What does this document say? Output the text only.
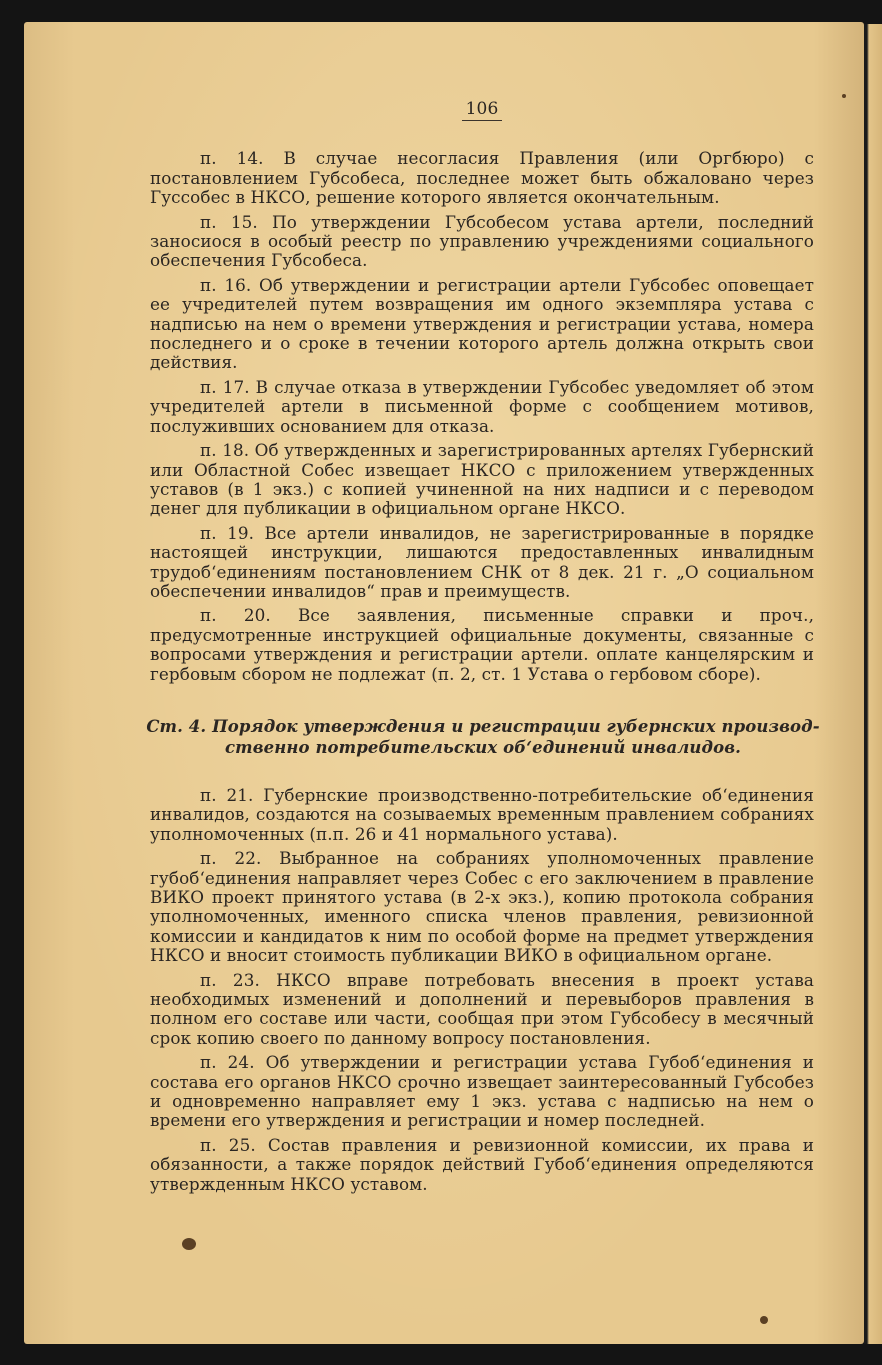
106

п. 14. В случае несогласия Правления (или Оргбюро) с постановлением Губсобеса, последнее может быть обжаловано через Гуссобес в НКСО, решение которого является окончательным.

п. 15. По утверждении Губсобесом устава артели, последний заносиося в особый реестр по управлению учреждениями социального обеспечения Губсобеса.

п. 16. Об утверждении и регистрации артели Губсобес оповещает ее учредителей путем возвращения им одного экземпляра устава с надписью на нем о времени утверждения и регистрации устава, номера последнего и о сроке в течении которого артель должна открыть свои действия.

п. 17. В случае отказа в утверждении Губсобес уведомляет об этом учредителей артели в письменной форме с сообщением мотивов, послуживших основанием для отказа.

п. 18. Об утвержденных и зарегистрированных артелях Губернский или Областной Собес извещает НКСО с приложением утвержденных уставов (в 1 экз.) с копией учиненной на них надписи и с переводом денег для публикации в официальном органе НКСО.

п. 19. Все артели инвалидов, не зарегистрированные в порядке настоящей инструкции, лишаются предоставленных инвалидным трудоб‘единениям постановлением СНК от 8 дек. 21 г. „О социальном обеспечении инвалидов“ прав и преимуществ.

п. 20. Все заявления, письменные справки и проч., предусмотренные инструкцией официальные документы, связанные с вопросами утверждения и регистрации артели. оплате канцелярским и гербовым сбором не подлежат (п. 2, ст. 1 Устава о гербовом сборе).

Ст. 4. Порядок утверждения и регистрации губернских производ-
ственно потребительских об‘единений инвалидов.

п. 21. Губернские производственно-потребительские об‘единения инвалидов, создаются на созываемых временным правлением собраниях уполномоченных (п.п. 26 и 41 нормального устава).

п. 22. Выбранное на собраниях уполномоченных правление губоб‘единения направляет через Собес с его заключением в правление ВИКО проект принятого устава (в 2-х экз.), копию протокола собрания уполномоченных, именного списка членов правления, ревизионной комиссии и кандидатов к ним по особой форме на предмет утверждения НКСО и вносит стоимость публикации ВИКО в официальном органе.

п. 23. НКСО вправе потребовать внесения в проект устава необходимых изменений и дополнений и перевыборов правления в полном его составе или части, сообщая при этом Губсобесу в месячный срок копию своего по данному вопросу постановления.

п. 24. Об утверждении и регистрации устава Губоб‘единения и состава его органов НКСО срочно извещает заинтересованный Губсобез и одновременно направляет ему 1 экз. устава с надписью на нем о времени его утверждения и регистрации и номер последней.

п. 25. Состав правления и ревизионной комиссии, их права и обязанности, а также порядок действий Губоб‘единения определяются утвержденным НКСО уставом.
